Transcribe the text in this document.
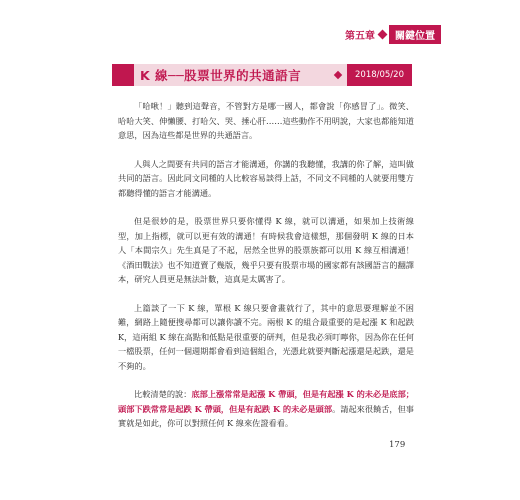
第五章	關鍵位置
K 線──股票世界的共通語言	2018/05/20

「哈啾！」聽到這聲音，不管對方是哪一國人，都會說「你感冒了」。微笑、哈哈大笑、伸懶腰、打哈欠、哭、捶心肝……這些動作不用明說，大家也都能知道意思，因為這些都是世界的共通語言。

人與人之間要有共同的語言才能溝通，你講的我聽懂，我講的你了解，這叫做共同的語言。因此同文同種的人比較容易談得上話，不同文不同種的人就要用雙方都聽得懂的語言才能溝通。

但是很妙的是，股票世界只要你懂得 K 線，就可以溝通，如果加上技術線型，加上指標，就可以更有效的溝通！有時候我會這樣想，那個發明 K 線的日本人「本間宗久」先生真是了不起，居然全世界的股票族都可以用 K 線互相溝通！《酒田戰法》也不知道賣了幾版，幾乎只要有股票市場的國家都有該國語言的翻譯本，研究人員更是無法計數，這真是太厲害了。

上篇談了一下 K 線，單根 K 線只要會畫就行了，其中的意思要理解並不困難，網路上隨便搜尋都可以讓你讀不完。兩根 K 的組合最重要的是起漲 K 和起跌 K，這兩組 K 線在高點和低點是很重要的研判，但是我必須叮嚀你，因為你在任何一檔股票，任何一個週期都會看到這個組合，光憑此就要判斷起漲還是起跌，還是不夠的。

比較清楚的說：底部上漲常常是起漲 K 帶頭，但是有起漲 K 的未必是底部；頭部下跌常常是起跌 K 帶頭，但是有起跌 K 的未必是頭部。請起來很饒舌，但事實就是如此，你可以對照任何 K 線來佐證看看。

179
